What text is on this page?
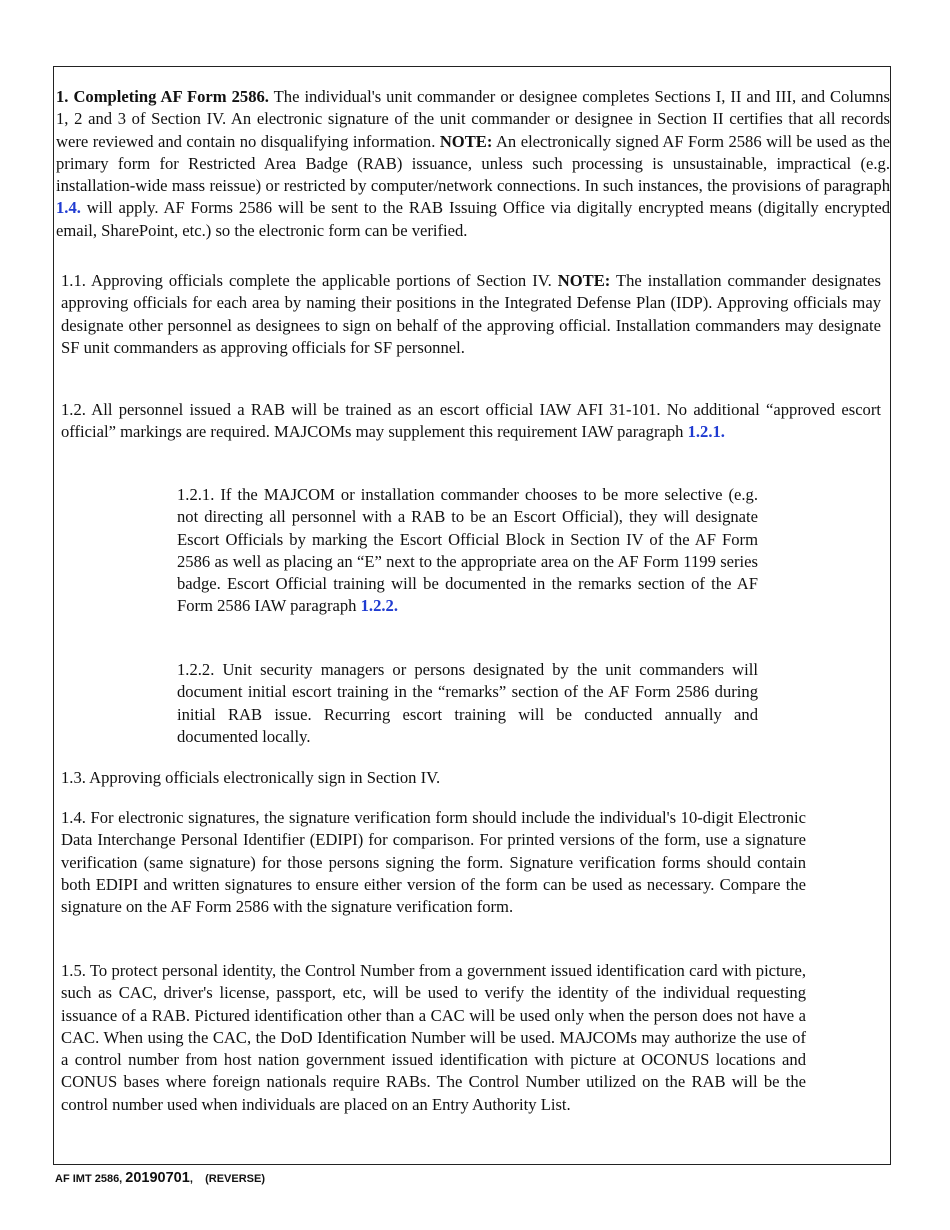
1. Completing AF Form 2586. The individual's unit commander or designee completes Sections I, II and III, and Columns 1, 2 and 3 of Section IV. An electronic signature of the unit commander or designee in Section II certifies that all records were reviewed and contain no disqualifying information. NOTE: An electronically signed AF Form 2586 will be used as the primary form for Restricted Area Badge (RAB) issuance, unless such processing is unsustainable, impractical (e.g. installation-wide mass reissue) or restricted by computer/network connections. In such instances, the provisions of paragraph 1.4. will apply. AF Forms 2586 will be sent to the RAB Issuing Office via digitally encrypted means (digitally encrypted email, SharePoint, etc.) so the electronic form can be verified.

1.1. Approving officials complete the applicable portions of Section IV. NOTE: The installation commander designates approving officials for each area by naming their positions in the Integrated Defense Plan (IDP). Approving officials may designate other personnel as designees to sign on behalf of the approving official. Installation commanders may designate SF unit commanders as approving officials for SF personnel.

1.2. All personnel issued a RAB will be trained as an escort official IAW AFI 31-101. No additional “approved escort official” markings are required. MAJCOMs may supplement this requirement IAW paragraph 1.2.1.

1.2.1. If the MAJCOM or installation commander chooses to be more selective (e.g. not directing all personnel with a RAB to be an Escort Official), they will designate Escort Officials by marking the Escort Official Block in Section IV of the AF Form 2586 as well as placing an “E” next to the appropriate area on the AF Form 1199 series badge. Escort Official training will be documented in the remarks section of the AF Form 2586 IAW paragraph 1.2.2.

1.2.2. Unit security managers or persons designated by the unit commanders will document initial escort training in the “remarks” section of the AF Form 2586 during initial RAB issue. Recurring escort training will be conducted annually and documented locally.

1.3. Approving officials electronically sign in Section IV.

1.4. For electronic signatures, the signature verification form should include the individual's 10-digit Electronic Data Interchange Personal Identifier (EDIPI) for comparison. For printed versions of the form, use a signature verification (same signature) for those persons signing the form. Signature verification forms should contain both EDIPI and written signatures to ensure either version of the form can be used as necessary. Compare the signature on the AF Form 2586 with the signature verification form.

1.5. To protect personal identity, the Control Number from a government issued identification card with picture, such as CAC, driver's license, passport, etc, will be used to verify the identity of the individual requesting issuance of a RAB. Pictured identification other than a CAC will be used only when the person does not have a CAC. When using the CAC, the DoD Identification Number will be used. MAJCOMs may authorize the use of a control number from host nation government issued identification with picture at OCONUS locations and CONUS bases where foreign nationals require RABs. The Control Number utilized on the RAB will be the control number used when individuals are placed on an Entry Authority List.

AF IMT 2586, 20190701,    (REVERSE)
